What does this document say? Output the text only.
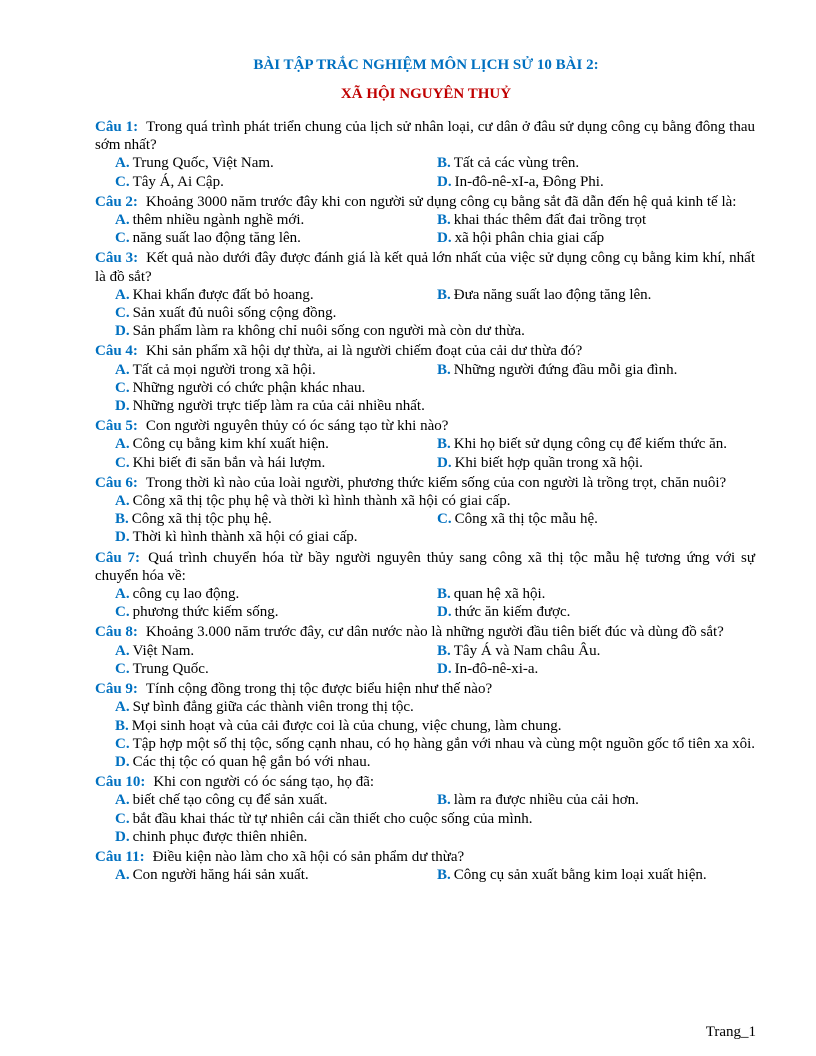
BÀI TẬP TRẮC NGHIỆM MÔN LỊCH SỬ 10 BÀI 2:
XÃ HỘI NGUYÊN THUỶ
Câu 1: Trong quá trình phát triển chung của lịch sử nhân loại, cư dân ở đâu sử dụng công cụ bằng đông thau sớm nhất?
A. Trung Quốc, Việt Nam.	B. Tất cả các vùng trên.
C. Tây Á, Ai Cập.	D. In-đô-nê-xI-a, Đông Phi.
Câu 2: Khoảng 3000 năm trước đây khi con người sử dụng công cụ bằng sắt đã dẫn đến hệ quả kinh tế là:
A. thêm nhiều ngành nghề mới.	B. khai thác thêm đất đai trồng trọt
C. năng suất lao động tăng lên.	D. xã hội phân chia giai cấp
Câu 3: Kết quả nào dưới đây được đánh giá là kết quả lớn nhất của việc sử dụng công cụ bằng kim khí, nhất là đồ sắt?
A. Khai khẩn được đất bỏ hoang.	B. Đưa năng suất lao động tăng lên.
C. Sản xuất đủ nuôi sống cộng đồng.
D. Sản phẩm làm ra không chỉ nuôi sống con người mà còn dư thừa.
Câu 4: Khi sản phẩm xã hội dự thừa, ai là người chiếm đoạt của cải dư thừa đó?
A. Tất cả mọi người trong xã hội.	B. Những người đứng đầu mỗi gia đình.
C. Những người có chức phận khác nhau.
D. Những người trực tiếp làm ra của cải nhiều nhất.
Câu 5: Con người nguyên thủy có óc sáng tạo từ khi nào?
A. Công cụ bằng kim khí xuất hiện.	B. Khi họ biết sử dụng công cụ để kiếm thức ăn.
C. Khi biết đi săn bắn và hái lượm.	D. Khi biết hợp quần trong xã hội.
Câu 6: Trong thời kì nào của loài người, phương thức kiếm sống của con người là trồng trọt, chăn nuôi?
A. Công xã thị tộc phụ hệ và thời kì hình thành xã hội có giai cấp.
B. Công xã thị tộc phụ hệ.	C. Công xã thị tộc mẫu hệ.
D. Thời kì hình thành xã hội có giai cấp.
Câu 7: Quá trình chuyển hóa từ bầy người nguyên thủy sang công xã thị tộc mẫu hệ tương ứng với sự chuyển hóa về:
A. công cụ lao động.	B. quan hệ xã hội.
C. phương thức kiếm sống.	D. thức ăn kiếm được.
Câu 8: Khoảng 3.000 năm trước đây, cư dân nước nào là những người đầu tiên biết đúc và dùng đồ sắt?
A. Việt Nam.	B. Tây Á và Nam châu Âu.
C. Trung Quốc.	D. In-đô-nê-xi-a.
Câu 9: Tính cộng đồng trong thị tộc được biểu hiện như thế nào?
A. Sự bình đẳng giữa các thành viên trong thị tộc.
B. Mọi sinh hoạt và của cải được coi là của chung, việc chung, làm chung.
C. Tập hợp một số thị tộc, sống cạnh nhau, có họ hàng gắn với nhau và cùng một nguồn gốc tổ tiên xa xôi.
D. Các thị tộc có quan hệ gắn bó với nhau.
Câu 10: Khi con người có óc sáng tạo, họ đã:
A. biết chế tạo công cụ để sản xuất.	B. làm ra được nhiều của cải hơn.
C. bắt đầu khai thác từ tự nhiên cái cần thiết cho cuộc sống của mình.
D. chinh phục được thiên nhiên.
Câu 11: Điều kiện nào làm cho xã hội có sản phẩm dư thừa?
A. Con người hăng hái sản xuất.	B. Công cụ sản xuất bằng kim loại xuất hiện.
Trang_1
